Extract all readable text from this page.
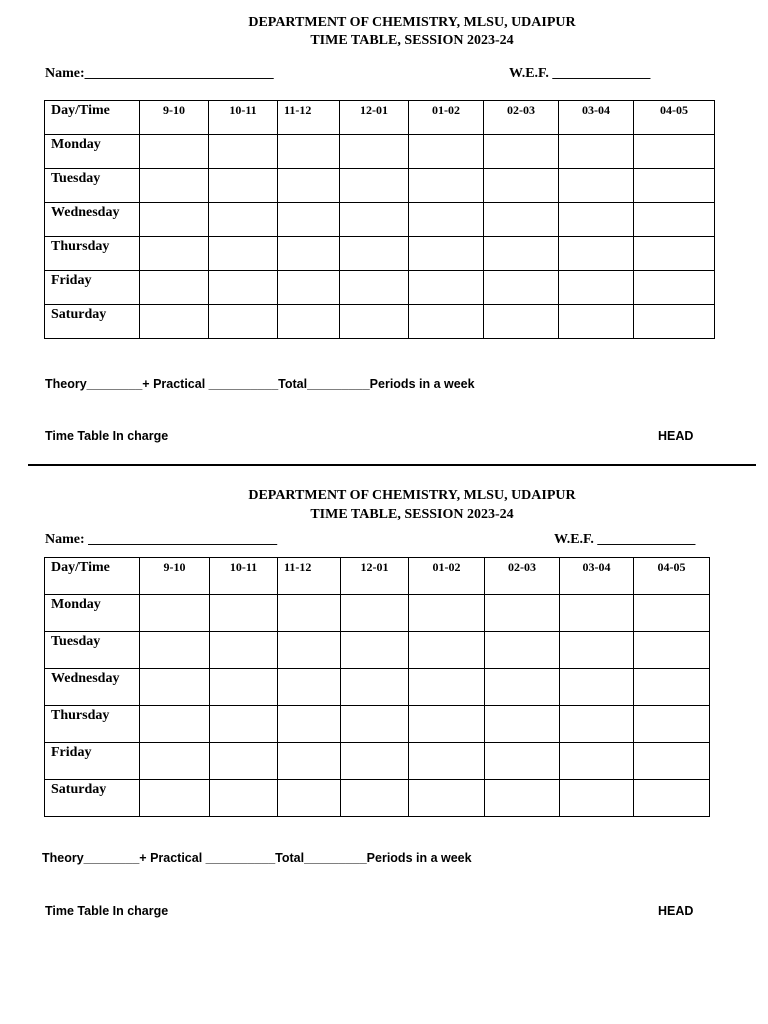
DEPARTMENT OF CHEMISTRY, MLSU, UDAIPUR
TIME TABLE, SESSION 2023-24
Name:___________________________	W.E.F. ______________
Day/Time	9-10	10-11	11-12	12-01	01-02	02-03	03-04	04-05
Monday								
Tuesday								
Wednesday								
Thursday								
Friday								
Saturday								
Theory________+ Practical __________Total_________Periods in a week
Time Table In charge	HEAD
DEPARTMENT OF CHEMISTRY, MLSU, UDAIPUR
TIME TABLE, SESSION 2023-24
Name: ___________________________	W.E.F. ______________
Day/Time	9-10	10-11	11-12	12-01	01-02	02-03	03-04	04-05
Monday								
Tuesday								
Wednesday								
Thursday								
Friday								
Saturday								
Theory________+ Practical __________Total_________Periods in a week
Time Table In charge	HEAD
